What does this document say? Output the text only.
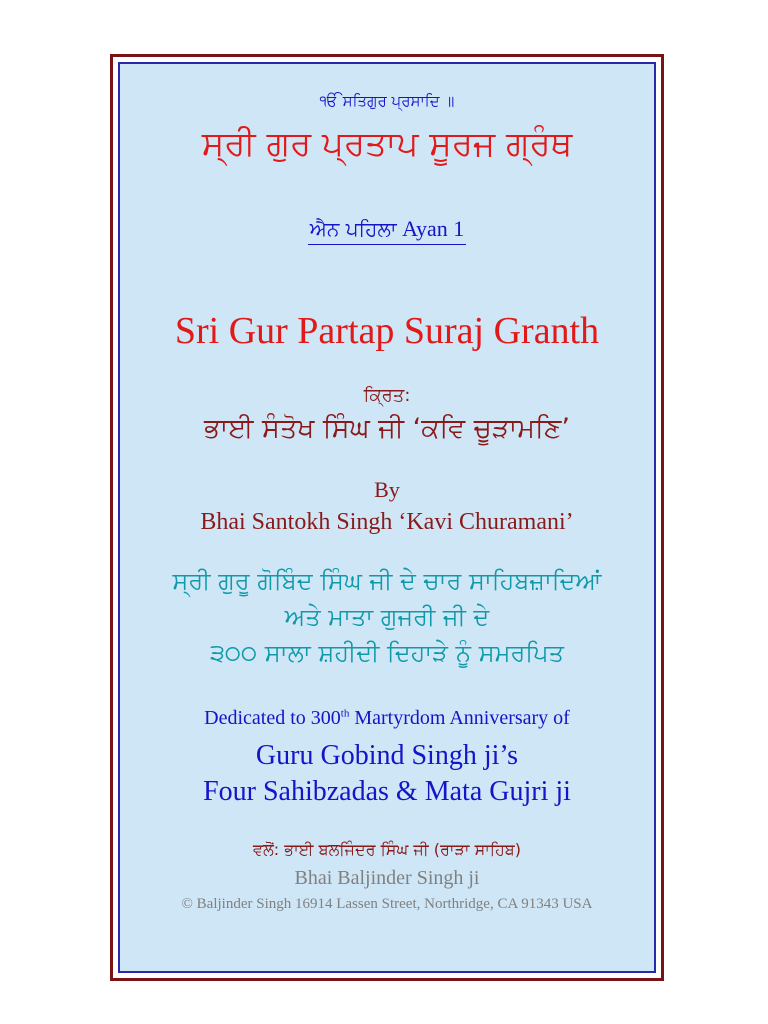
ੴ ਸਤਿਗੁਰ ਪ੍ਰਸਾਦਿ ॥
ਸ੍ਰੀ ਗੁਰ ਪ੍ਰਤਾਪ ਸੂਰਜ ਗ੍ਰੰਥ
ਐਨ ਪਹਿਲਾ Ayan 1
Sri Gur Partap Suraj Granth
ਕ੍ਰਿਤ:
ਭਾਈ ਸੰਤੋਖ ਸਿੰਘ ਜੀ ‘ਕਵਿ ਚੂੜਾਮਣਿ’
By
Bhai Santokh Singh ‘Kavi Churamani’
ਸ੍ਰੀ ਗੁਰੂ ਗੋਬਿੰਦ ਸਿੰਘ ਜੀ ਦੇ ਚਾਰ ਸਾਹਿਬਜ਼ਾਦਿਆਂ
ਅਤੇ ਮਾਤਾ ਗੁਜਰੀ ਜੀ ਦੇ
੩੦੦ ਸਾਲਾ ਸ਼ਹੀਦੀ ਦਿਹਾੜੇ ਨੂੰ ਸਮਰਪਿਤ
Dedicated to 300th Martyrdom Anniversary of
Guru Gobind Singh ji’s
Four Sahibzadas & Mata Gujri ji
ਵਲੋਂ: ਭਾਈ ਬਲਜਿੰਦਰ ਸਿੰਘ ਜੀ (ਰਾੜਾ ਸਾਹਿਬ)
Bhai Baljinder Singh ji
© Baljinder Singh 16914 Lassen Street, Northridge, CA 91343 USA
